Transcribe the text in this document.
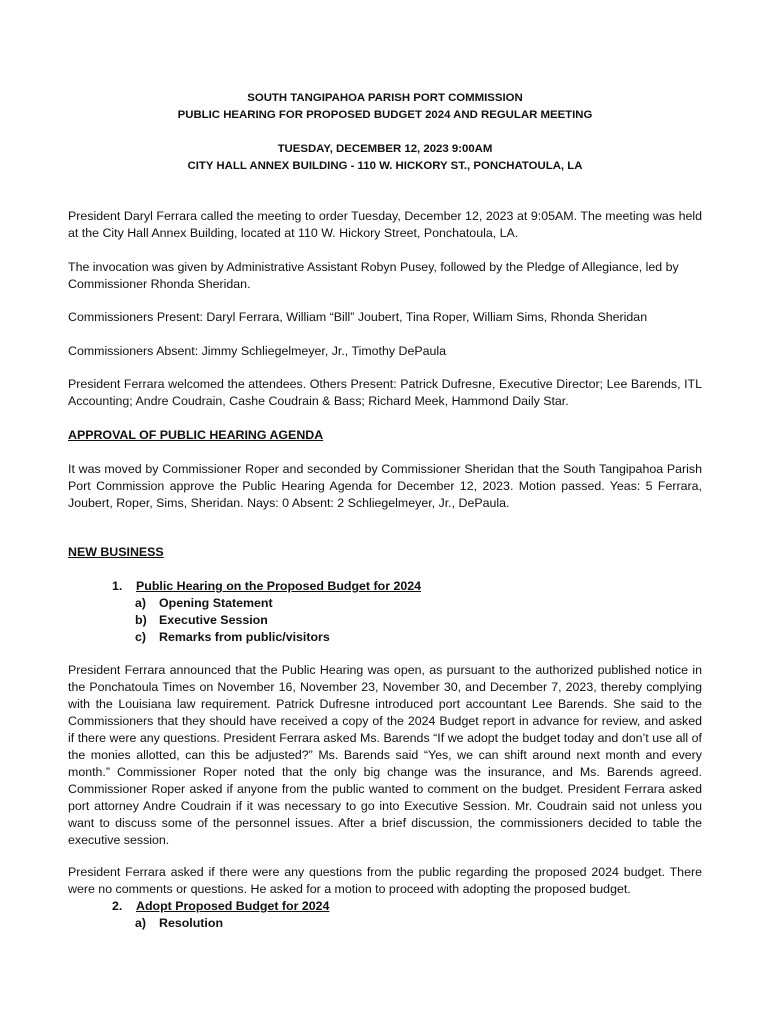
SOUTH TANGIPAHOA PARISH PORT COMMISSION
PUBLIC HEARING FOR PROPOSED BUDGET 2024 AND REGULAR MEETING
TUESDAY, DECEMBER 12, 2023 9:00AM
CITY HALL ANNEX BUILDING - 110 W. HICKORY ST., PONCHATOULA, LA

President Daryl Ferrara called the meeting to order Tuesday, December 12, 2023 at 9:05AM. The meeting was held at the City Hall Annex Building, located at 110 W. Hickory Street, Ponchatoula, LA.

The invocation was given by Administrative Assistant Robyn Pusey, followed by the Pledge of Allegiance, led by Commissioner Rhonda Sheridan.

Commissioners Present: Daryl Ferrara, William “Bill” Joubert, Tina Roper, William Sims, Rhonda Sheridan

Commissioners Absent: Jimmy Schliegelmeyer, Jr., Timothy DePaula

President Ferrara welcomed the attendees. Others Present: Patrick Dufresne, Executive Director; Lee Barends, ITL Accounting; Andre Coudrain, Cashe Coudrain & Bass; Richard Meek, Hammond Daily Star.

APPROVAL OF PUBLIC HEARING AGENDA

It was moved by Commissioner Roper and seconded by Commissioner Sheridan that the South Tangipahoa Parish Port Commission approve the Public Hearing Agenda for December 12, 2023. Motion passed. Yeas: 5 Ferrara, Joubert, Roper, Sims, Sheridan. Nays: 0 Absent: 2 Schliegelmeyer, Jr., DePaula.

NEW BUSINESS

1.	Public Hearing on the Proposed Budget for 2024
a)	Opening Statement
b) Executive Session
c)	Remarks from public/visitors

President Ferrara announced that the Public Hearing was open, as pursuant to the authorized published notice in the Ponchatoula Times on November 16, November 23, November 30, and December 7, 2023, thereby complying with the Louisiana law requirement. Patrick Dufresne introduced port accountant Lee Barends. She said to the Commissioners that they should have received a copy of the 2024 Budget report in advance for review, and asked if there were any questions. President Ferrara asked Ms. Barends “If we adopt the budget today and don’t use all of the monies allotted, can this be adjusted?” Ms. Barends said “Yes, we can shift around next month and every month.” Commissioner Roper noted that the only big change was the insurance, and Ms. Barends agreed. Commissioner Roper asked if anyone from the public wanted to comment on the budget. President Ferrara asked port attorney Andre Coudrain if it was necessary to go into Executive Session. Mr. Coudrain said not unless you want to discuss some of the personnel issues. After a brief discussion, the commissioners decided to table the executive session.

President Ferrara asked if there were any questions from the public regarding the proposed 2024 budget. There were no comments or questions. He asked for a motion to proceed with adopting the proposed budget.

2.	Adopt Proposed Budget for 2024
a)	Resolution
